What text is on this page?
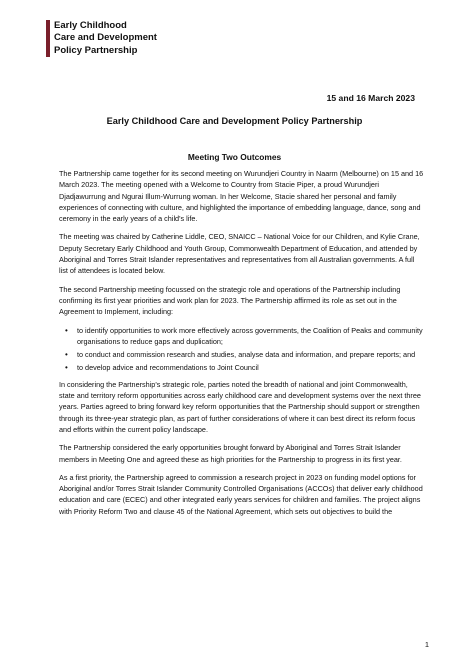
Early Childhood
Care and Development
Policy Partnership
15 and 16 March 2023
Early Childhood Care and Development Policy Partnership
Meeting Two Outcomes

The Partnership came together for its second meeting on Wurundjeri Country in Naarm (Melbourne) on 15 and 16 March 2023. The meeting opened with a Welcome to Country from Stacie Piper, a proud Wurundjeri Djadjawurrung and Ngurai Illum-Wurrung woman. In her Welcome, Stacie shared her personal and family experiences of connecting with culture, and highlighted the importance of embedding language, dance, song and ceremony in the early years of a child's life.

The meeting was chaired by Catherine Liddle, CEO, SNAICC – National Voice for our Children, and Kylie Crane, Deputy Secretary Early Childhood and Youth Group, Commonwealth Department of Education, and attended by Aboriginal and Torres Strait Islander representatives and representatives from all Australian governments. A full list of attendees is located below.

The second Partnership meeting focussed on the strategic role and operations of the Partnership including confirming its first year priorities and work plan for 2023. The Partnership affirmed its role as set out in the Agreement to Implement, including:

• to identify opportunities to work more effectively across governments, the Coalition of Peaks and community organisations to reduce gaps and duplication;
• to conduct and commission research and studies, analyse data and information, and prepare reports; and
• to develop advice and recommendations to Joint Council

In considering the Partnership's strategic role, parties noted the breadth of national and joint Commonwealth, state and territory reform opportunities across early childhood care and development systems over the next three years. Parties agreed to bring forward key reform opportunities that the Partnership should support or strengthen through its three-year strategic plan, as part of further considerations of where it can best direct its reform focus and efforts within the current policy landscape.

The Partnership considered the early opportunities brought forward by Aboriginal and Torres Strait Islander members in Meeting One and agreed these as high priorities for the Partnership to progress in its first year.

As a first priority, the Partnership agreed to commission a research project in 2023 on funding model options for Aboriginal and/or Torres Strait Islander Community Controlled Organisations (ACCOs) that deliver early childhood education and care (ECEC) and other integrated early years services for children and families. The project aligns with Priority Reform Two and clause 45 of the National Agreement, which sets out objectives to build the

1
